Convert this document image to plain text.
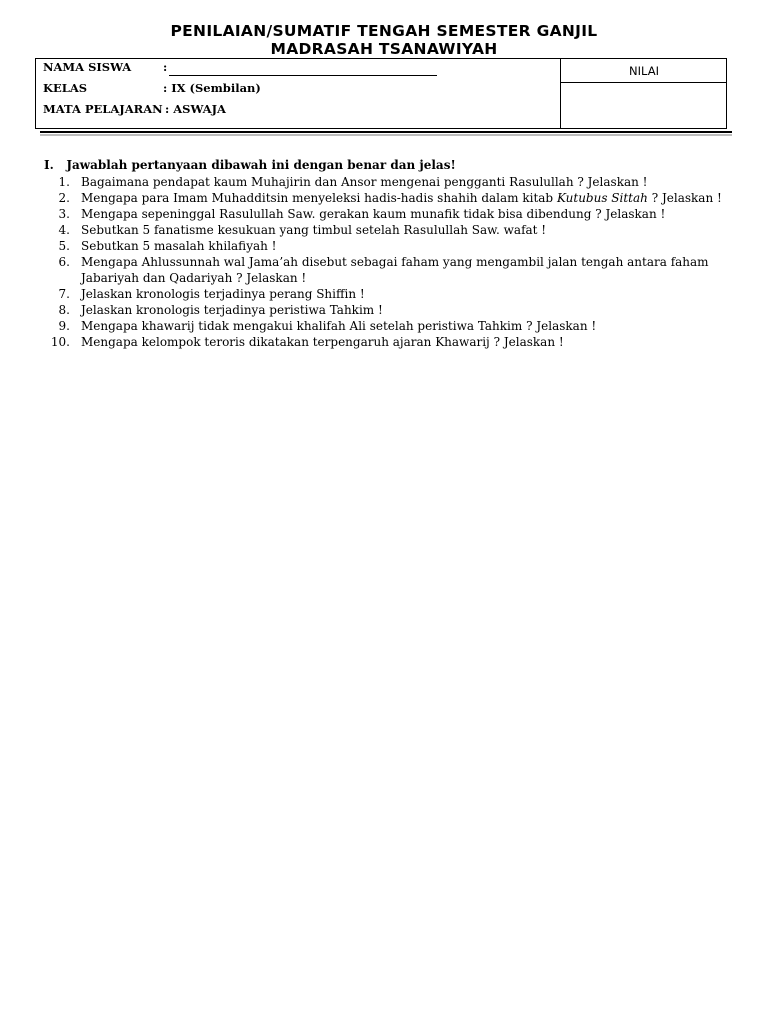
PENILAIAN/SUMATIF TENGAH SEMESTER GANJIL
MADRASAH TSANAWIYAH
NAMA SISWA	:
KELAS	: IX (Sembilan)
MATA PELAJARAN : ASWAJA
NILAI
I.   Jawablah pertanyaan dibawah ini dengan benar dan jelas!
1. Bagaimana pendapat kaum Muhajirin dan Ansor mengenai pengganti Rasulullah ? Jelaskan !
2. Mengapa para Imam Muhadditsin menyeleksi hadis-hadis shahih dalam kitab Kutubus Sittah ? Jelaskan !
3. Mengapa sepeninggal Rasulullah Saw. gerakan kaum munafik tidak bisa dibendung ? Jelaskan !
4. Sebutkan 5 fanatisme kesukuan yang timbul setelah Rasulullah Saw. wafat !
5. Sebutkan 5 masalah khilafiyah !
6. Mengapa Ahlussunnah wal Jama’ah disebut sebagai faham yang mengambil jalan tengah antara faham Jabariyah dan Qadariyah ? Jelaskan !
7. Jelaskan kronologis terjadinya perang Shiffin !
8. Jelaskan kronologis terjadinya peristiwa Tahkim !
9. Mengapa khawarij tidak mengakui khalifah Ali setelah peristiwa Tahkim ? Jelaskan !
10. Mengapa kelompok teroris dikatakan terpengaruh ajaran Khawarij ? Jelaskan !
